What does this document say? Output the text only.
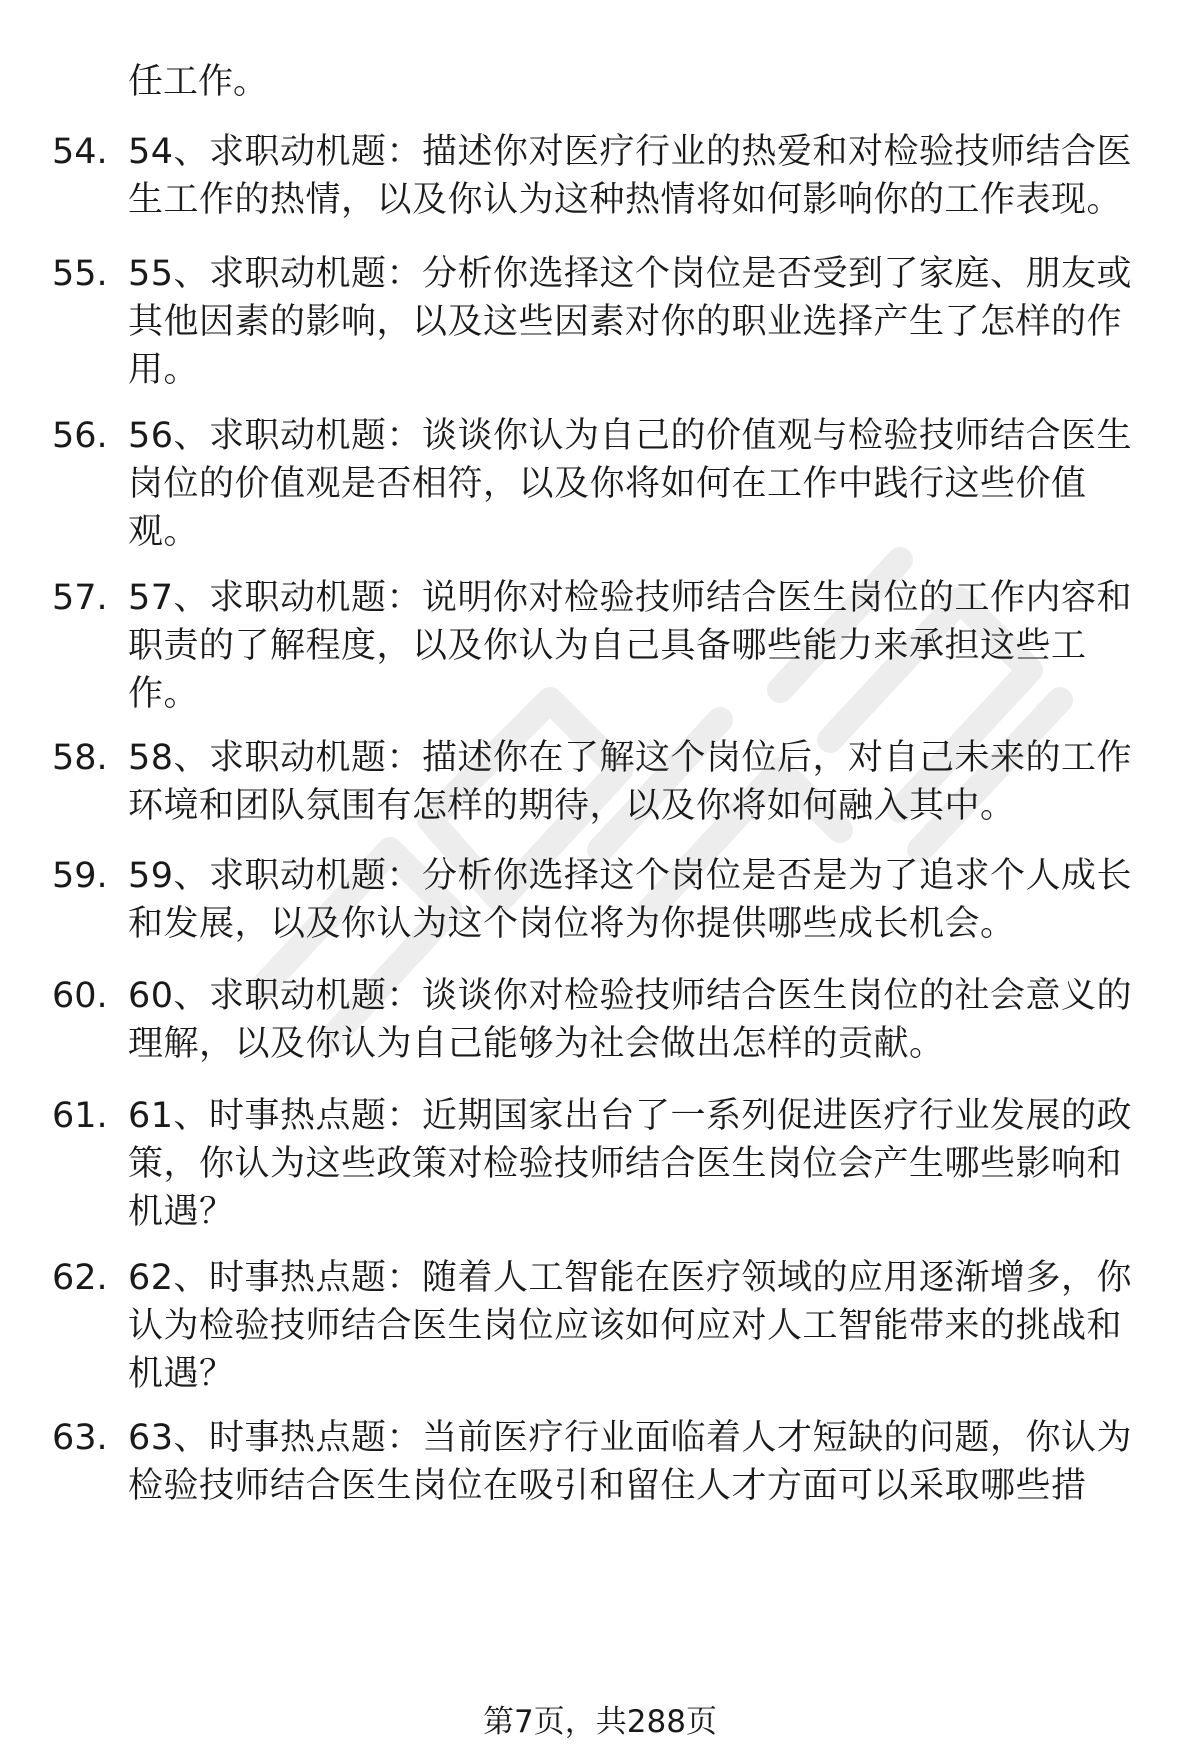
任工作。

54. 54、求职动机题：描述你对医疗行业的热爱和对检验技师结合医生工作的热情，以及你认为这种热情将如何影响你的工作表现。
55. 55、求职动机题：分析你选择这个岗位是否受到了家庭、朋友或其他因素的影响，以及这些因素对你的职业选择产生了怎样的作用。
56. 56、求职动机题：谈谈你认为自己的价值观与检验技师结合医生岗位的价值观是否相符，以及你将如何在工作中践行这些价值观。
57. 57、求职动机题：说明你对检验技师结合医生岗位的工作内容和职责的了解程度，以及你认为自己具备哪些能力来承担这些工作。
58. 58、求职动机题：描述你在了解这个岗位后，对自己未来的工作环境和团队氛围有怎样的期待，以及你将如何融入其中。
59. 59、求职动机题：分析你选择这个岗位是否是为了追求个人成长和发展，以及你认为这个岗位将为你提供哪些成长机会。
60. 60、求职动机题：谈谈你对检验技师结合医生岗位的社会意义的理解，以及你认为自己能够为社会做出怎样的贡献。
61. 61、时事热点题：近期国家出台了一系列促进医疗行业发展的政策，你认为这些政策对检验技师结合医生岗位会产生哪些影响和机遇？
62. 62、时事热点题：随着人工智能在医疗领域的应用逐渐增多，你认为检验技师结合医生岗位应该如何应对人工智能带来的挑战和机遇？
63. 63、时事热点题：当前医疗行业面临着人才短缺的问题，你认为检验技师结合医生岗位在吸引和留住人才方面可以采取哪些措
第7页，共288页
